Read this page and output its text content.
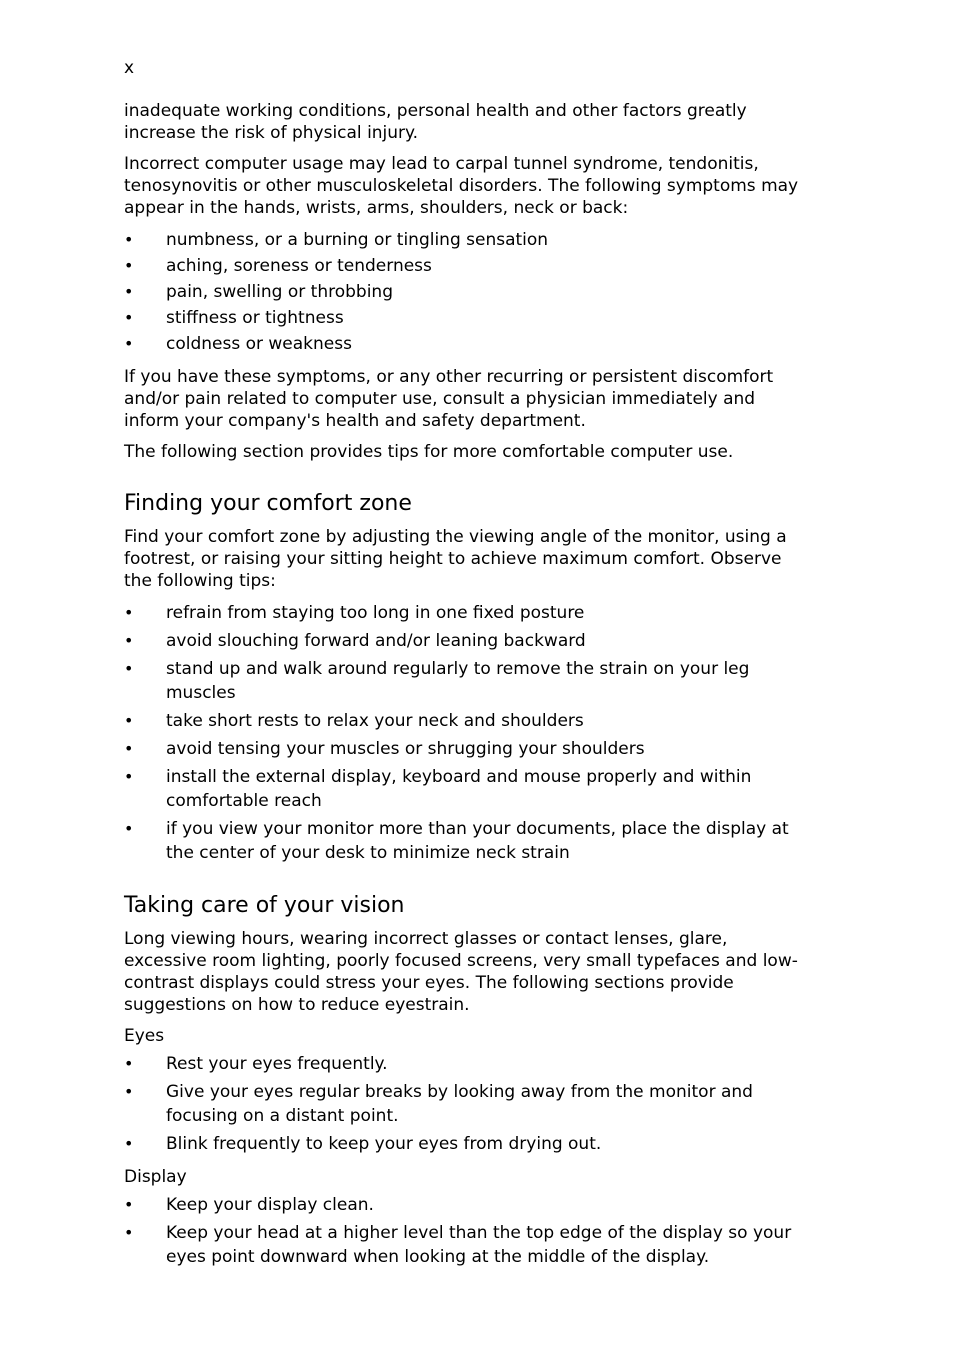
x

inadequate working conditions, personal health and other factors greatly increase the risk of physical injury.

Incorrect computer usage may lead to carpal tunnel syndrome, tendonitis, tenosynovitis or other musculoskeletal disorders. The following symptoms may appear in the hands, wrists, arms, shoulders, neck or back:

• numbness, or a burning or tingling sensation
• aching, soreness or tenderness
• pain, swelling or throbbing
• stiffness or tightness
• coldness or weakness

If you have these symptoms, or any other recurring or persistent discomfort and/or pain related to computer use, consult a physician immediately and inform your company's health and safety department.

The following section provides tips for more comfortable computer use.

Finding your comfort zone

Find your comfort zone by adjusting the viewing angle of the monitor, using a footrest, or raising your sitting height to achieve maximum comfort. Observe the following tips:

• refrain from staying too long in one fixed posture
• avoid slouching forward and/or leaning backward
• stand up and walk around regularly to remove the strain on your leg muscles
• take short rests to relax your neck and shoulders
• avoid tensing your muscles or shrugging your shoulders
• install the external display, keyboard and mouse properly and within comfortable reach
• if you view your monitor more than your documents, place the display at the center of your desk to minimize neck strain
Taking care of your vision

Long viewing hours, wearing incorrect glasses or contact lenses, glare, excessive room lighting, poorly focused screens, very small typefaces and low-contrast displays could stress your eyes. The following sections provide suggestions on how to reduce eyestrain.

Eyes
• Rest your eyes frequently.
• Give your eyes regular breaks by looking away from the monitor and focusing on a distant point.
• Blink frequently to keep your eyes from drying out.
Display
• Keep your display clean.
• Keep your head at a higher level than the top edge of the display so your eyes point downward when looking at the middle of the display.
